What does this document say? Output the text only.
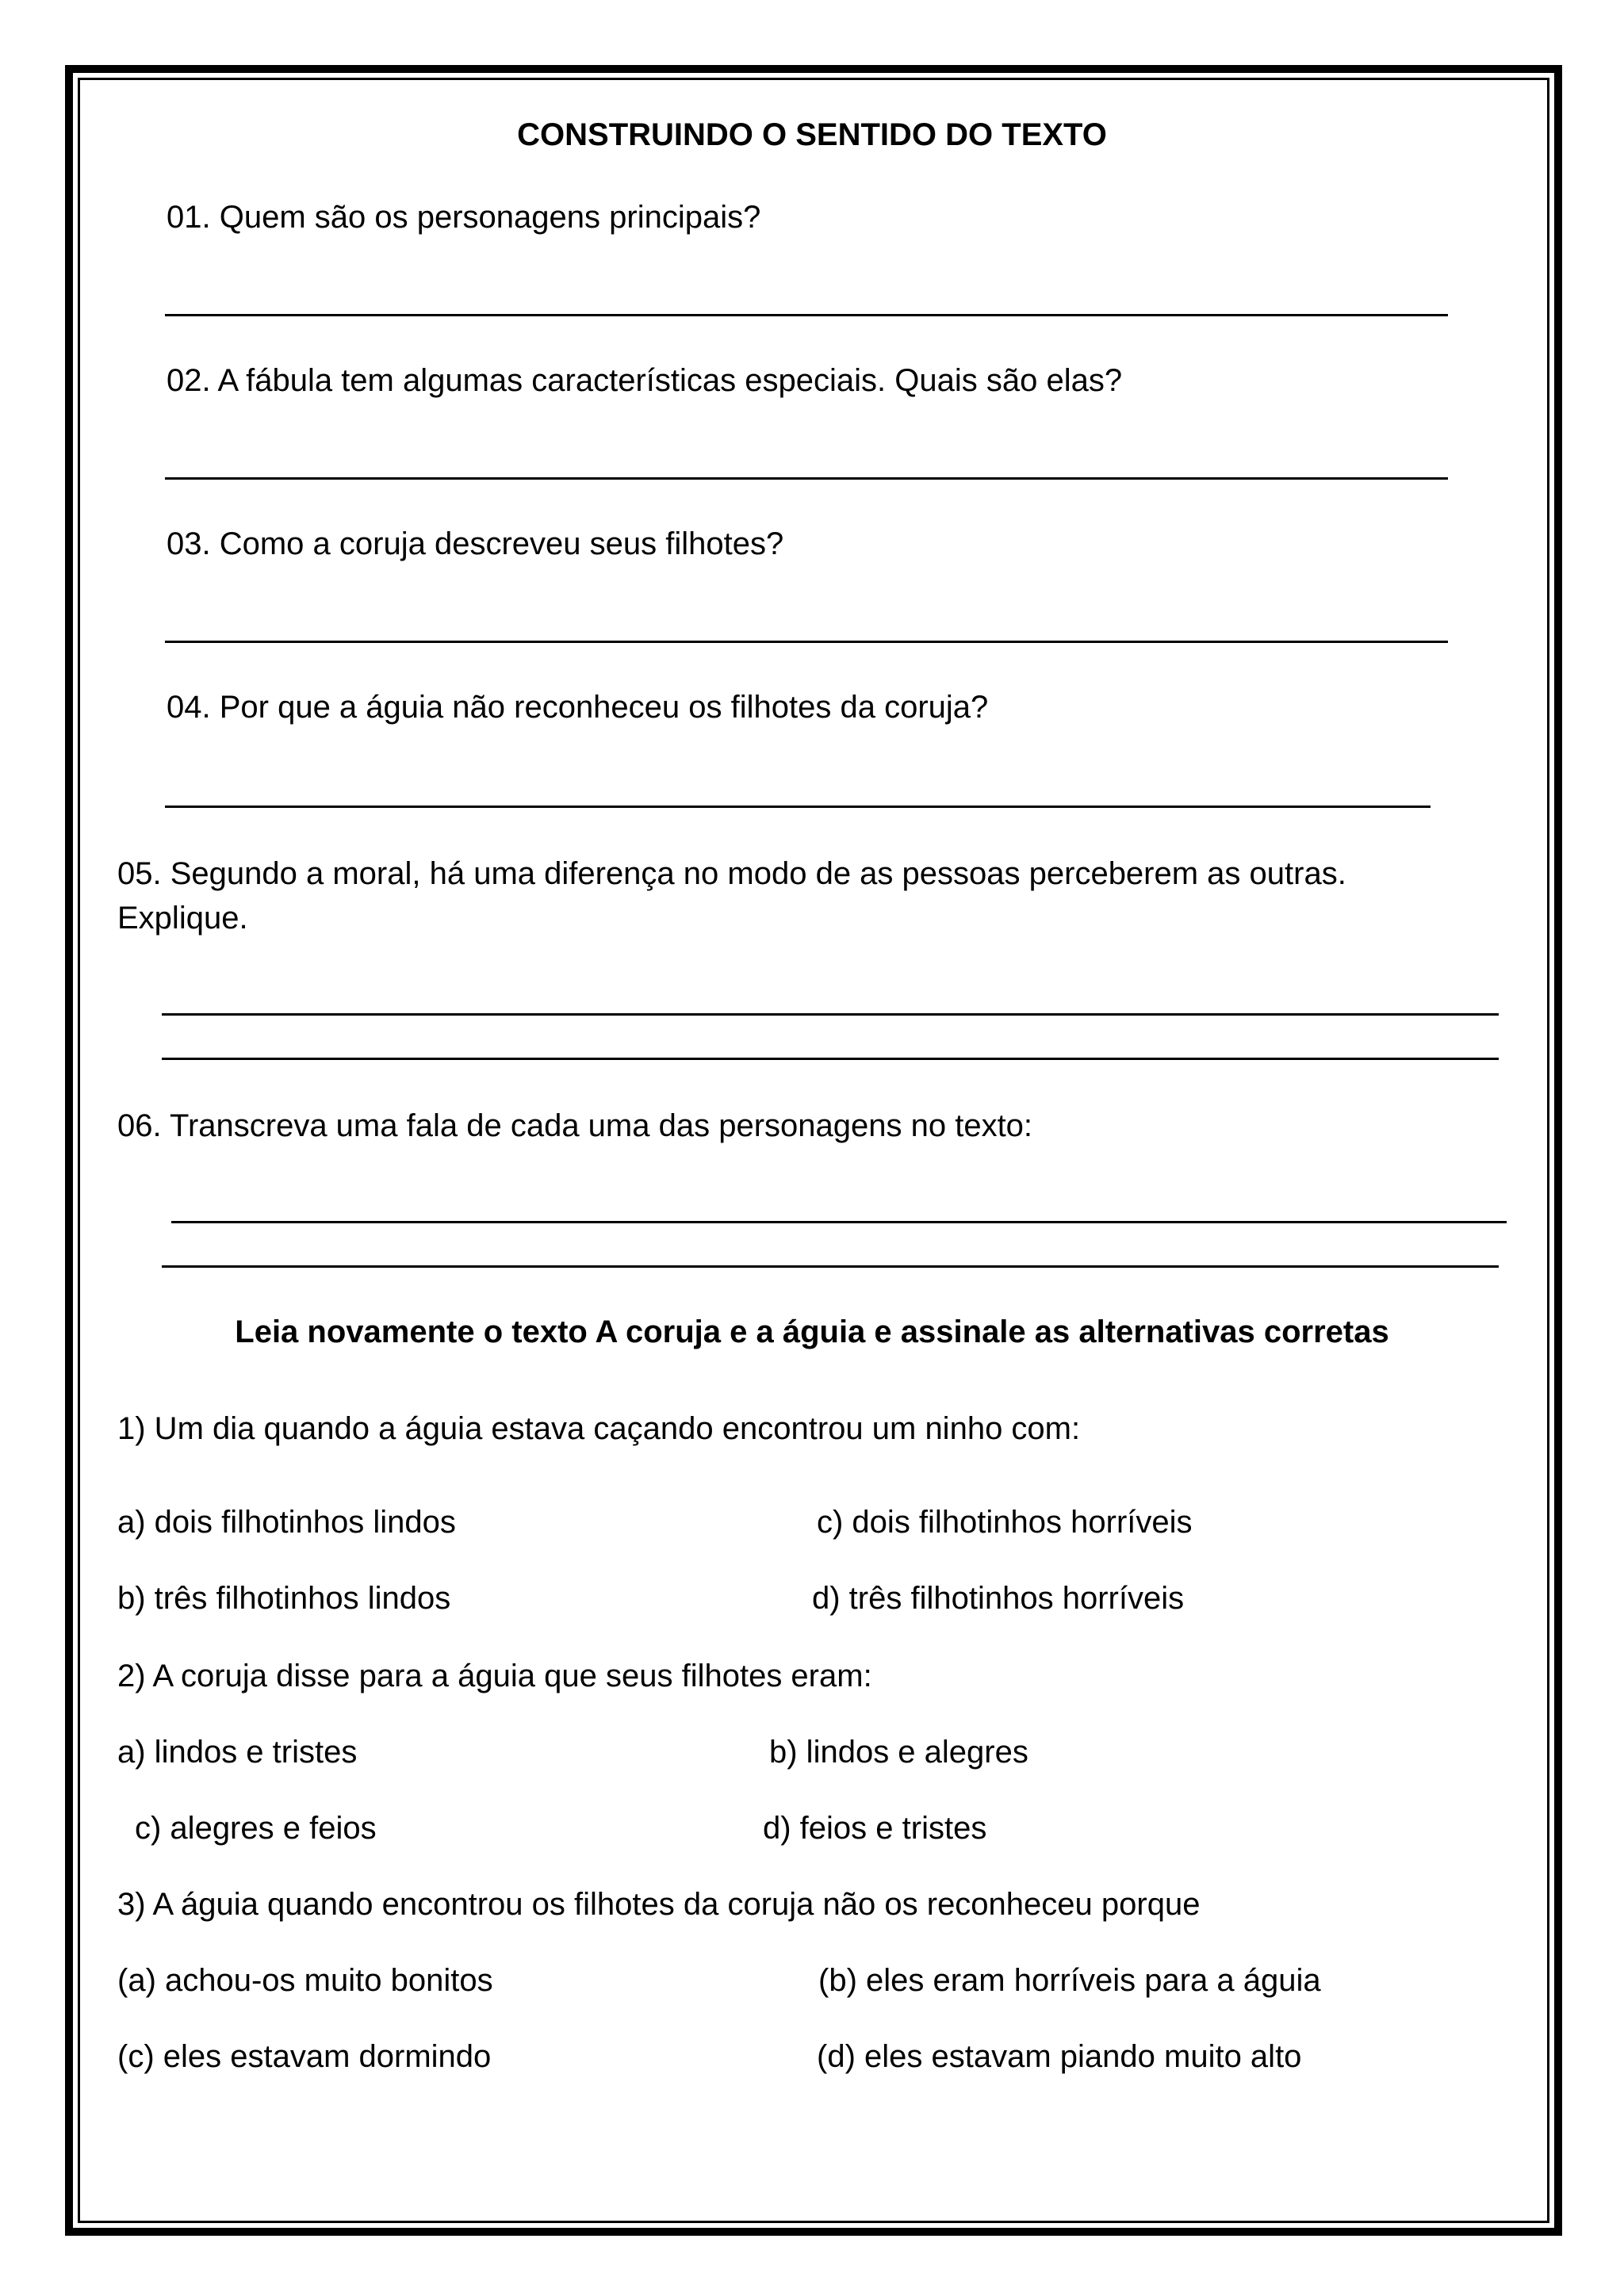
CONSTRUINDO O SENTIDO DO TEXTO
01. Quem são os personagens principais?
02. A fábula tem algumas características especiais. Quais são elas?
03. Como a coruja descreveu seus filhotes?
04. Por que a águia não reconheceu os filhotes da coruja?
05. Segundo a moral, há uma diferença no modo de as pessoas perceberem as outras.
Explique.
06. Transcreva uma fala de cada uma das personagens no texto:
Leia novamente o texto A coruja e a águia e assinale as alternativas corretas
1) Um dia quando a águia estava caçando encontrou um ninho com:
a) dois filhotinhos lindos	c) dois filhotinhos horríveis
b) três filhotinhos lindos	d) três filhotinhos horríveis
2) A coruja disse para a águia que seus filhotes eram:
a) lindos e tristes	b) lindos e alegres
c) alegres e feios	d) feios e tristes
3) A águia quando encontrou os filhotes da coruja não os reconheceu porque
(a) achou-os muito bonitos	(b) eles eram horríveis para a águia
(c) eles estavam dormindo	(d) eles estavam piando muito alto
